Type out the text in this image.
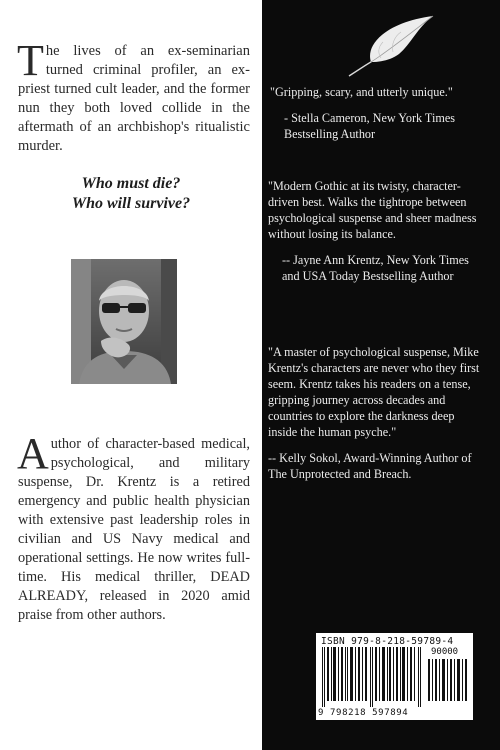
The lives of an ex-seminarian turned criminal profiler, an ex-priest turned cult leader, and the former nun they both loved collide in the aftermath of an archbishop's ritualistic murder.
Who must die?
Who will survive?
Author of character-based medical, psychological, and military suspense, Dr. Krentz is a retired emergency and public health physician with extensive past leadership roles in civilian and US Navy medical and operational settings. He now writes full-time. His medical thriller, DEAD ALREADY, released in 2020 amid praise from other authors.
"Gripping, scary, and utterly unique."
- Stella Cameron, New York Times Bestselling Author
"Modern Gothic at its twisty, character-driven best. Walks the tightrope between psychological suspense and sheer madness without losing its balance.
-- Jayne Ann Krentz, New York Times and USA Today Bestselling Author
"A master of psychological suspense, Mike Krentz's characters are never who they first seem. Krentz takes his readers on a tense, gripping journey across decades and countries to explore the darkness deep inside the human psyche."
-- Kelly Sokol, Award-Winning Author of The Unprotected and Breach.
ISBN 979-8-218-59789-4
90000
9 798218 597894
